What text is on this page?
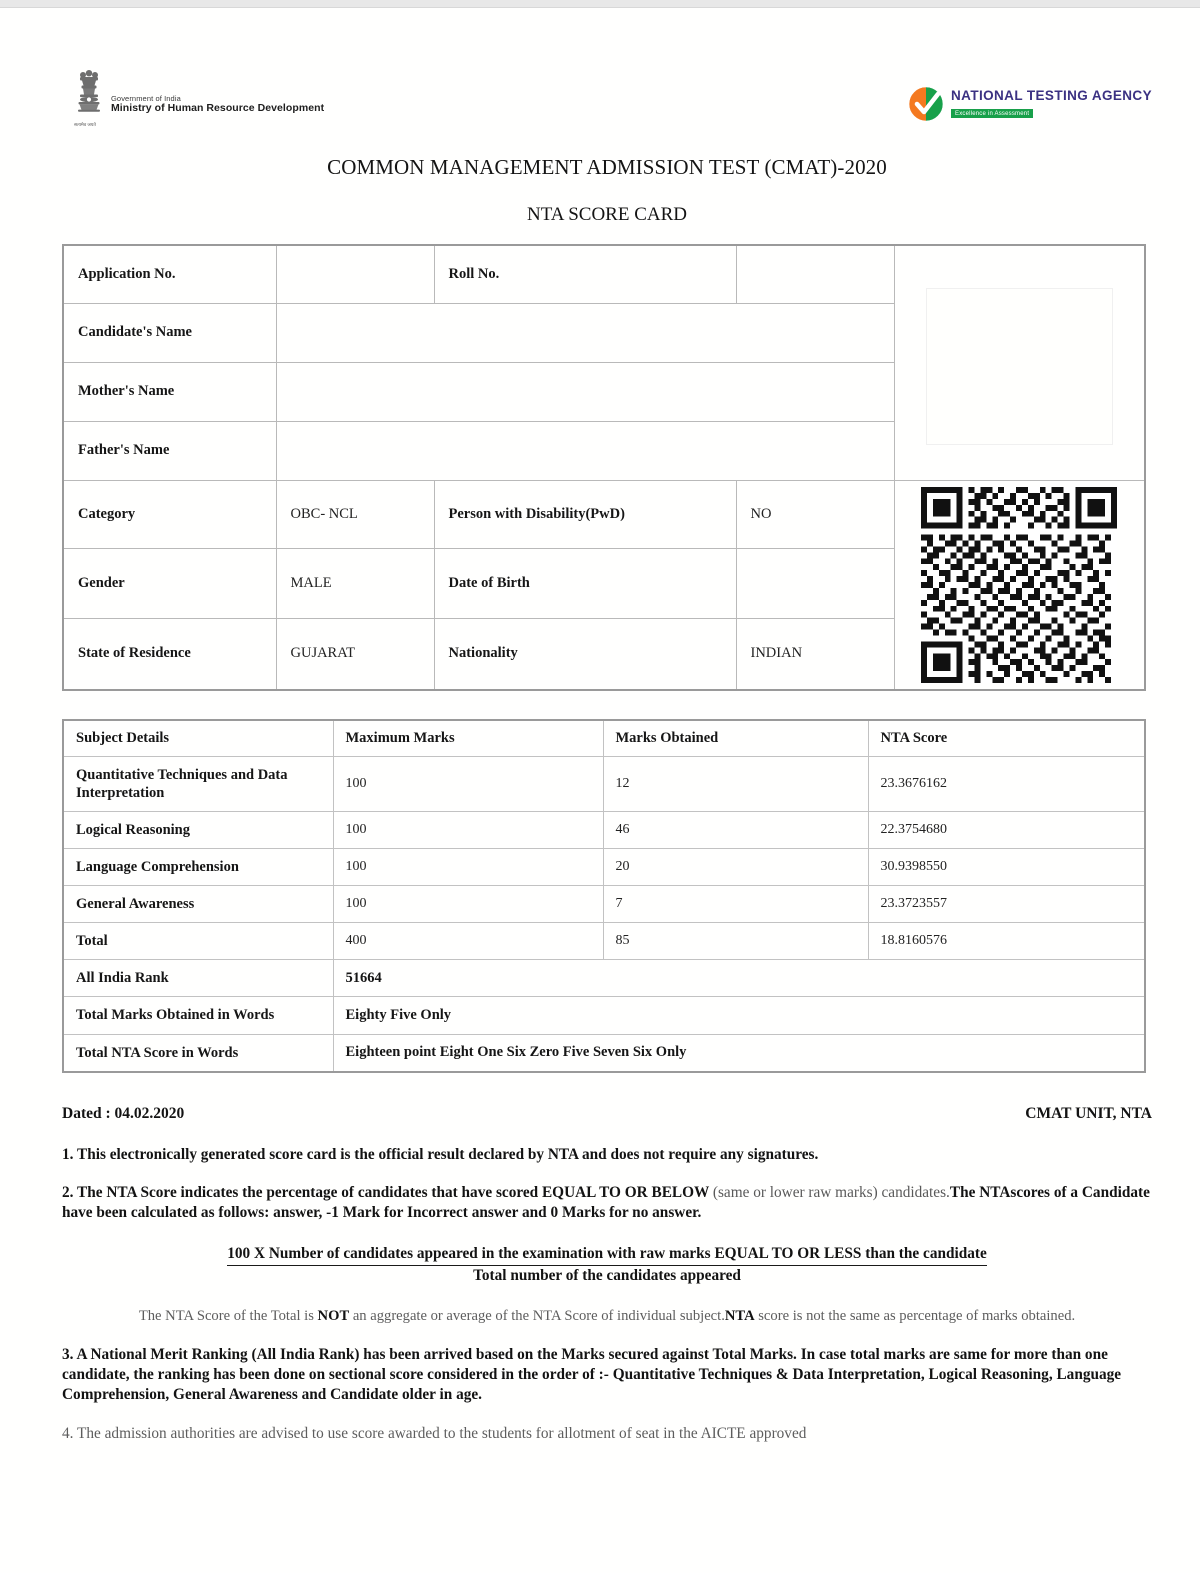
सत्यमेव जयते
Government of India
Ministry of Human Resource Development
NATIONAL TESTING AGENCY
Excellence in Assessment
COMMON MANAGEMENT ADMISSION TEST (CMAT)-2020
NTA SCORE CARD
Application No.		Roll No.		

Candidate's Name				
Mother's Name				
Father's Name				
Category	OBC- NCL	Person with Disability(PwD)	NO	

Gender	MALE	Date of Birth		
State of Residence	GUJARAT	Nationality	INDIAN	
Subject Details	Maximum Marks	Marks Obtained	NTA Score
Quantitative Techniques and Data Interpretation	100	12	23.3676162
Logical Reasoning	100	46	22.3754680
Language Comprehension	100	20	30.9398550
General Awareness	100	7	23.3723557
Total	400	85	18.8160576
All India Rank	51664		
Total Marks Obtained in Words	Eighty Five Only		
Total NTA Score in Words	Eighteen point Eight One Six Zero Five Seven Six Only		
Dated : 04.02.2020	CMAT UNIT, NTA
1. This electronically generated score card is the official result declared by NTA and does not require any signatures.
2. The NTA Score indicates the percentage of candidates that have scored EQUAL TO OR BELOW (same or lower raw marks) candidates.The NTAscores of a Candidate have been calculated as follows: answer, -1 Mark for Incorrect answer and 0 Marks for no answer.
100 X Number of candidates appeared in the examination with raw marks EQUAL TO OR LESS than the candidate
Total number of the candidates appeared
The NTA Score of the Total is NOT an aggregate or average of the NTA Score of individual subject.NTA score is not the same as percentage of marks obtained.
3. A National Merit Ranking (All India Rank) has been arrived based on the Marks secured against Total Marks. In case total marks are same for more than one candidate, the ranking has been done on sectional score considered in the order of :- Quantitative Techniques & Data Interpretation, Logical Reasoning, Language Comprehension, General Awareness and Candidate older in age.
4. The admission authorities are advised to use score awarded to the students for allotment of seat in the AICTE approved
